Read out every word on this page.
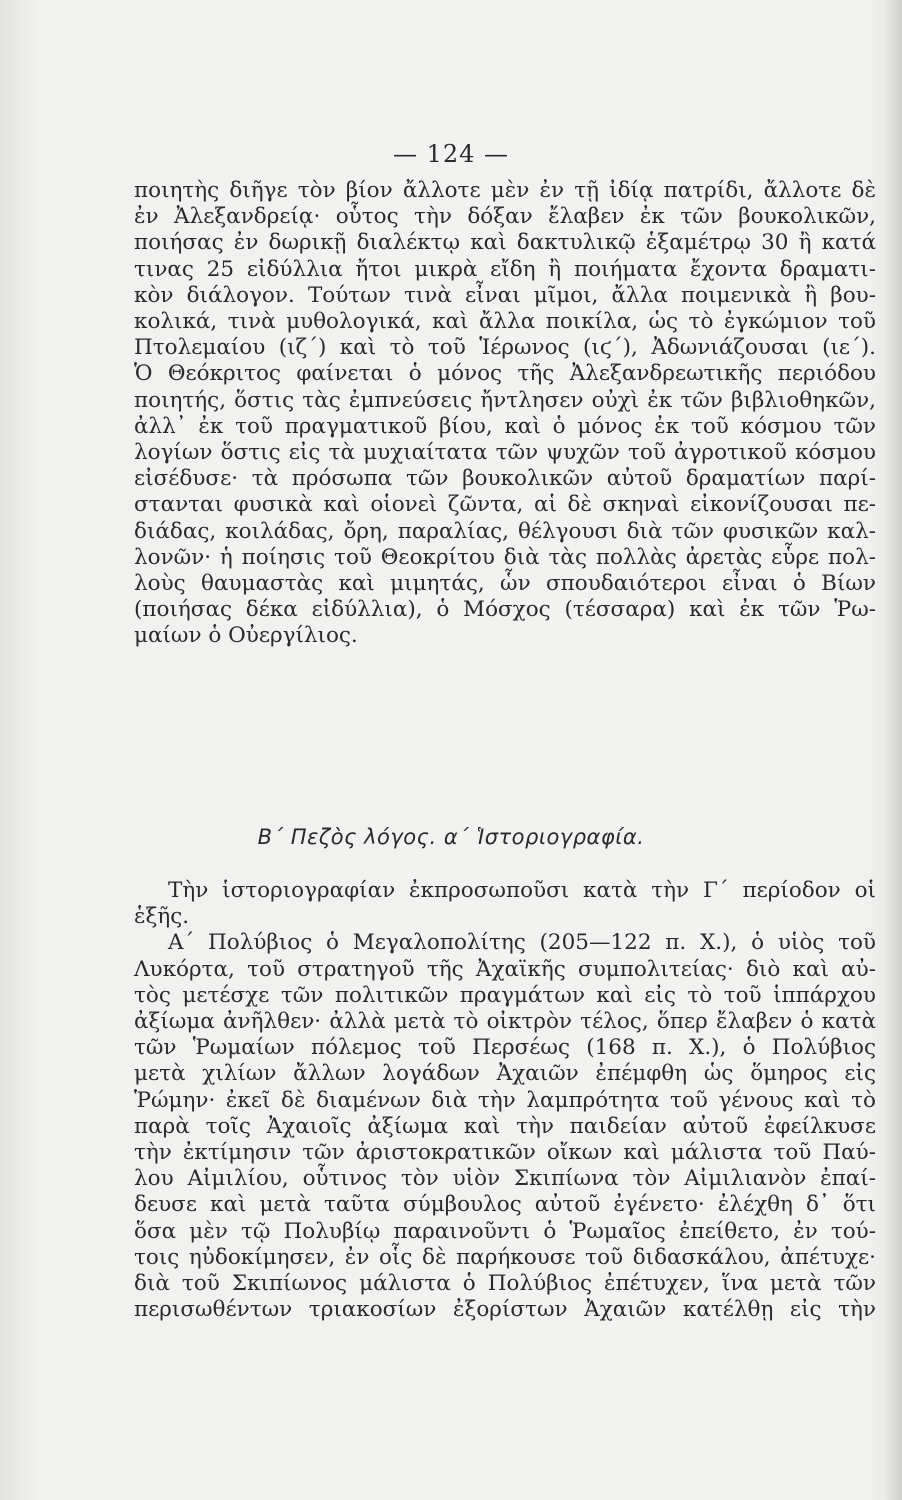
— 124 —
ποιητὴς διῆγε τὸν βίον ἄλλοτε μὲν ἐν τῇ ἰδίᾳ πατρίδι, ἄλλοτε δὲ
ἐν Ἀλεξανδρείᾳ· οὗτος τὴν δόξαν ἔλαβεν ἐκ τῶν βουκολικῶν,
ποιήσας ἐν δωρικῇ διαλέκτῳ καὶ δακτυλικῷ ἑξαμέτρῳ 30 ἢ κατά
τινας 25 εἰδύλλια ἤτοι μικρὰ εἴδη ἢ ποιήματα ἔχοντα δραματι-
κὸν διάλογον. Τούτων τινὰ εἶναι μῖμοι, ἄλλα ποιμενικὰ ἢ βου-
κολικά, τινὰ μυθολογικά, καὶ ἄλλα ποικίλα, ὡς τὸ ἐγκώμιον τοῦ
Πτολεμαίου (ιζ΄) καὶ τὸ τοῦ Ἱέρωνος (ιϛ΄), Ἀδωνιάζουσαι (ιε΄).
Ὁ Θεόκριτος φαίνεται ὁ μόνος τῆς Ἀλεξανδρεωτικῆς περιόδου
ποιητής, ὅστις τὰς ἐμπνεύσεις ἤντλησεν οὐχὶ ἐκ τῶν βιβλιοθηκῶν,
ἀλλ᾿ ἐκ τοῦ πραγματικοῦ βίου, καὶ ὁ μόνος ἐκ τοῦ κόσμου τῶν
λογίων ὅστις εἰς τὰ μυχιαίτατα τῶν ψυχῶν τοῦ ἀγροτικοῦ κόσμου
εἰσέδυσε· τὰ πρόσωπα τῶν βουκολικῶν αὐτοῦ δραματίων παρί-
στανται φυσικὰ καὶ οἱονεὶ ζῶντα, αἱ δὲ σκηναὶ εἰκονίζουσαι πε-
διάδας, κοιλάδας, ὄρη, παραλίας, θέλγουσι διὰ τῶν φυσικῶν καλ-
λονῶν· ἡ ποίησις τοῦ Θεοκρίτου διὰ τὰς πολλὰς ἀρετὰς εὗρε πολ-
λοὺς θαυμαστὰς καὶ μιμητάς, ὧν σπουδαιότεροι εἶναι ὁ Βίων
(ποιήσας δέκα εἰδύλλια), ὁ Μόσχος (τέσσαρα) καὶ ἐκ τῶν Ῥω-
μαίων ὁ Οὐεργίλιος.
Β΄ Πεζὸς λόγος. α΄ Ἱστοριογραφία.
Τὴν ἱστοριογραφίαν ἐκπροσωποῦσι κατὰ τὴν Γ΄ περίοδον οἱ
ἑξῆς.
Α΄ Πολύβιος ὁ Μεγαλοπολίτης (205—122 π. Χ.), ὁ υἱὸς τοῦ
Λυκόρτα, τοῦ στρατηγοῦ τῆς Ἀχαϊκῆς συμπολιτείας· διὸ καὶ αὐ-
τὸς μετέσχε τῶν πολιτικῶν πραγμάτων καὶ εἰς τὸ τοῦ ἱππάρχου
ἀξίωμα ἀνῆλθεν· ἀλλὰ μετὰ τὸ οἰκτρὸν τέλος, ὅπερ ἔλαβεν ὁ κατὰ
τῶν Ῥωμαίων πόλεμος τοῦ Περσέως (168 π. Χ.), ὁ Πολύβιος
μετὰ χιλίων ἄλλων λογάδων Ἀχαιῶν ἐπέμφθη ὡς ὅμηρος εἰς
Ῥώμην· ἐκεῖ δὲ διαμένων διὰ τὴν λαμπρότητα τοῦ γένους καὶ τὸ
παρὰ τοῖς Ἀχαιοῖς ἀξίωμα καὶ τὴν παιδείαν αὐτοῦ ἐφείλκυσε
τὴν ἐκτίμησιν τῶν ἀριστοκρατικῶν οἴκων καὶ μάλιστα τοῦ Παύ-
λου Αἰμιλίου, οὗτινος τὸν υἱὸν Σκιπίωνα τὸν Αἰμιλιανὸν ἐπαί-
δευσε καὶ μετὰ ταῦτα σύμβουλος αὐτοῦ ἐγένετο· ἐλέχθη δ᾿ ὅτι
ὅσα μὲν τῷ Πολυβίῳ παραινοῦντι ὁ Ῥωμαῖος ἐπείθετο, ἐν τού-
τοις ηὐδοκίμησεν, ἐν οἷς δὲ παρήκουσε τοῦ διδασκάλου, ἀπέτυχε·
διὰ τοῦ Σκιπίωνος μάλιστα ὁ Πολύβιος ἐπέτυχεν, ἵνα μετὰ τῶν
περισωθέντων τριακοσίων ἐξορίστων Ἀχαιῶν κατέλθῃ εἰς τὴν
